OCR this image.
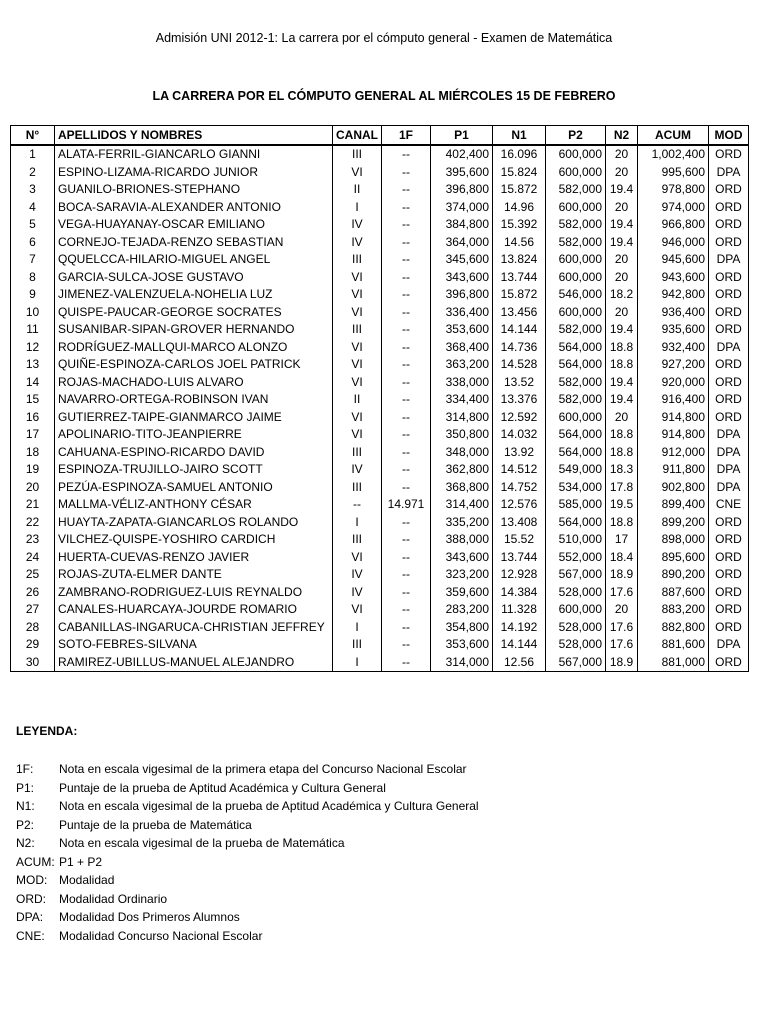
Admisión UNI 2012-1: La carrera por el cómputo general - Examen de Matemática
LA CARRERA POR EL CÓMPUTO GENERAL AL MIÉRCOLES 15 DE FEBRERO
N°	APELLIDOS Y NOMBRES	CANAL	1F	P1	N1	P2	N2	ACUM	MOD
1	ALATA-FERRIL-GIANCARLO GIANNI	III	--	402,400	16.096	600,000	20	1,002,400	ORD
2	ESPINO-LIZAMA-RICARDO JUNIOR	VI	--	395,600	15.824	600,000	20	995,600	DPA
3	GUANILO-BRIONES-STEPHANO	II	--	396,800	15.872	582,000	19.4	978,800	ORD
4	BOCA-SARAVIA-ALEXANDER ANTONIO	I	--	374,000	14.96	600,000	20	974,000	ORD
5	VEGA-HUAYANAY-OSCAR EMILIANO	IV	--	384,800	15.392	582,000	19.4	966,800	ORD
6	CORNEJO-TEJADA-RENZO SEBASTIAN	IV	--	364,000	14.56	582,000	19.4	946,000	ORD
7	QQUELCCA-HILARIO-MIGUEL ANGEL	III	--	345,600	13.824	600,000	20	945,600	DPA
8	GARCIA-SULCA-JOSE GUSTAVO	VI	--	343,600	13.744	600,000	20	943,600	ORD
9	JIMENEZ-VALENZUELA-NOHELIA LUZ	VI	--	396,800	15.872	546,000	18.2	942,800	ORD
10	QUISPE-PAUCAR-GEORGE SOCRATES	VI	--	336,400	13.456	600,000	20	936,400	ORD
11	SUSANIBAR-SIPAN-GROVER HERNANDO	III	--	353,600	14.144	582,000	19.4	935,600	ORD
12	RODRÍGUEZ-MALLQUI-MARCO ALONZO	VI	--	368,400	14.736	564,000	18.8	932,400	DPA
13	QUIÑE-ESPINOZA-CARLOS JOEL PATRICK	VI	--	363,200	14.528	564,000	18.8	927,200	ORD
14	ROJAS-MACHADO-LUIS ALVARO	VI	--	338,000	13.52	582,000	19.4	920,000	ORD
15	NAVARRO-ORTEGA-ROBINSON IVAN	II	--	334,400	13.376	582,000	19.4	916,400	ORD
16	GUTIERREZ-TAIPE-GIANMARCO JAIME	VI	--	314,800	12.592	600,000	20	914,800	ORD
17	APOLINARIO-TITO-JEANPIERRE	VI	--	350,800	14.032	564,000	18.8	914,800	DPA
18	CAHUANA-ESPINO-RICARDO DAVID	III	--	348,000	13.92	564,000	18.8	912,000	DPA
19	ESPINOZA-TRUJILLO-JAIRO SCOTT	IV	--	362,800	14.512	549,000	18.3	911,800	DPA
20	PEZÚA-ESPINOZA-SAMUEL ANTONIO	III	--	368,800	14.752	534,000	17.8	902,800	DPA
21	MALLMA-VÉLIZ-ANTHONY CÉSAR	--	14.971	314,400	12.576	585,000	19.5	899,400	CNE
22	HUAYTA-ZAPATA-GIANCARLOS ROLANDO	I	--	335,200	13.408	564,000	18.8	899,200	ORD
23	VILCHEZ-QUISPE-YOSHIRO CARDICH	III	--	388,000	15.52	510,000	17	898,000	ORD
24	HUERTA-CUEVAS-RENZO JAVIER	VI	--	343,600	13.744	552,000	18.4	895,600	ORD
25	ROJAS-ZUTA-ELMER DANTE	IV	--	323,200	12.928	567,000	18.9	890,200	ORD
26	ZAMBRANO-RODRIGUEZ-LUIS REYNALDO	IV	--	359,600	14.384	528,000	17.6	887,600	ORD
27	CANALES-HUARCAYA-JOURDE ROMARIO	VI	--	283,200	11.328	600,000	20	883,200	ORD
28	CABANILLAS-INGARUCA-CHRISTIAN JEFFREY	I	--	354,800	14.192	528,000	17.6	882,800	ORD
29	SOTO-FEBRES-SILVANA	III	--	353,600	14.144	528,000	17.6	881,600	DPA
30	RAMIREZ-UBILLUS-MANUEL ALEJANDRO	I	--	314,000	12.56	567,000	18.9	881,000	ORD
LEYENDA:
1F:	Nota en escala vigesimal de la primera etapa del Concurso Nacional Escolar
P1:	Puntaje de la prueba de Aptitud Académica y Cultura General
N1:	Nota en escala vigesimal de la prueba de Aptitud Académica y Cultura General
P2:	Puntaje de la prueba de Matemática
N2:	Nota en escala vigesimal de la prueba de Matemática
ACUM: P1 + P2
MOD: Modalidad
ORD:	Modalidad Ordinario
DPA:	Modalidad Dos Primeros Alumnos
CNE:	Modalidad Concurso Nacional Escolar
